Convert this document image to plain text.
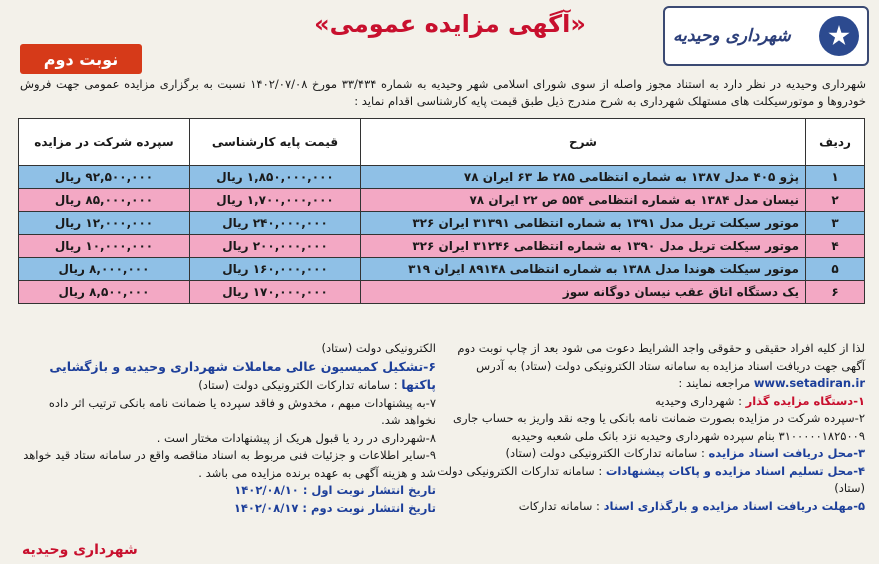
شهرداری وحیدیه
«آگهی مزایده عمومی»
نوبت دوم
شهرداری وحیدیه در نظر دارد به استناد مجوز واصله از سوی شورای اسلامی شهر وحیدیه به شماره ۳۳/۴۳۴ مورخ ۱۴۰۲/۰۷/۰۸ نسبت به برگزاری مزایده عمومی جهت فروش خودروها و موتورسیکلت های مستهلک شهرداری به شرح مندرج ذیل طبق قیمت پایه کارشناسی اقدام نماید :
ردیف	شرح	قیمت پایه کارشناسی	سپرده شرکت در مزایده
۱	پژو ۴۰۵ مدل ۱۳۸۷ به شماره انتظامی ۲۸۵ ط ۶۳ ایران ۷۸	۱,۸۵۰,۰۰۰,۰۰۰ ریال	۹۲,۵۰۰,۰۰۰ ریال
۲	نیسان مدل ۱۳۸۴ به شماره انتظامی ۵۵۴ ص ۲۲ ایران ۷۸	۱,۷۰۰,۰۰۰,۰۰۰ ریال	۸۵,۰۰۰,۰۰۰ ریال
۳	موتور سیکلت تریل مدل ۱۳۹۱ به شماره انتظامی ۳۱۳۹۱ ایران ۳۲۶	۲۴۰,۰۰۰,۰۰۰ ریال	۱۲,۰۰۰,۰۰۰ ریال
۴	موتور سیکلت تریل مدل ۱۳۹۰ به شماره انتظامی ۳۱۲۴۶ ایران ۳۲۶	۲۰۰,۰۰۰,۰۰۰ ریال	۱۰,۰۰۰,۰۰۰ ریال
۵	موتور سیکلت هوندا مدل ۱۳۸۸ به شماره انتظامی ۸۹۱۴۸ ایران ۳۱۹	۱۶۰,۰۰۰,۰۰۰ ریال	۸,۰۰۰,۰۰۰ ریال
۶	یک دستگاه اتاق عقب نیسان دوگانه سوز	۱۷۰,۰۰۰,۰۰۰ ریال	۸,۵۰۰,۰۰۰ ریال

لذا از کلیه افراد حقیقی و حقوقی واجد الشرایط دعوت می شود بعد از چاپ نوبت دوم آگهی جهت دریافت اسناد مزایده به سامانه ستاد الکترونیکی دولت (ستاد) به آدرس www.setadiran.ir مراجعه نمایند :

۱-دستگاه مزایده گذار : شهرداری وحیدیه

۲-سپرده شرکت در مزایده بصورت ضمانت نامه بانکی یا وجه نقد واریز به حساب جاری ۳۱۰۰۰۰۰۱۸۲۵۰۰۹ بنام سپرده شهرداری وحیدیه نزد بانک ملی شعبه وحیدیه

۳-محل دریافت اسناد مزایده : سامانه تدارکات الکترونیکی دولت (ستاد)

۴-محل تسلیم اسناد مزایده و پاکات پیشنهادات : سامانه تدارکات الکترونیکی دولت (ستاد)

۵-مهلت دریافت اسناد مزایده و بارگذاری اسناد : سامانه تدارکات

الکترونیکی دولت (ستاد)

۶-تشکیل کمیسیون عالی معاملات شهرداری وحیدیه و بازگشایی پاکتها : سامانه تدارکات الکترونیکی دولت (ستاد)

۷-به پیشنهادات مبهم ، مخدوش و فاقد سپرده یا ضمانت نامه بانکی ترتیب اثر داده نخواهد شد.

۸-شهرداری در رد یا قبول هریک از پیشنهادات مختار است .

۹-سایر اطلاعات و جزئیات فنی مربوط به اسناد مناقصه واقع در سامانه ستاد قید خواهد شد و هزینه آگهی به عهده برنده مزایده می باشد .

تاریخ انتشار نوبت اول : ۱۴۰۲/۰۸/۱۰

تاریخ انتشار نوبت دوم : ۱۴۰۲/۰۸/۱۷

شهرداری وحیدیه
